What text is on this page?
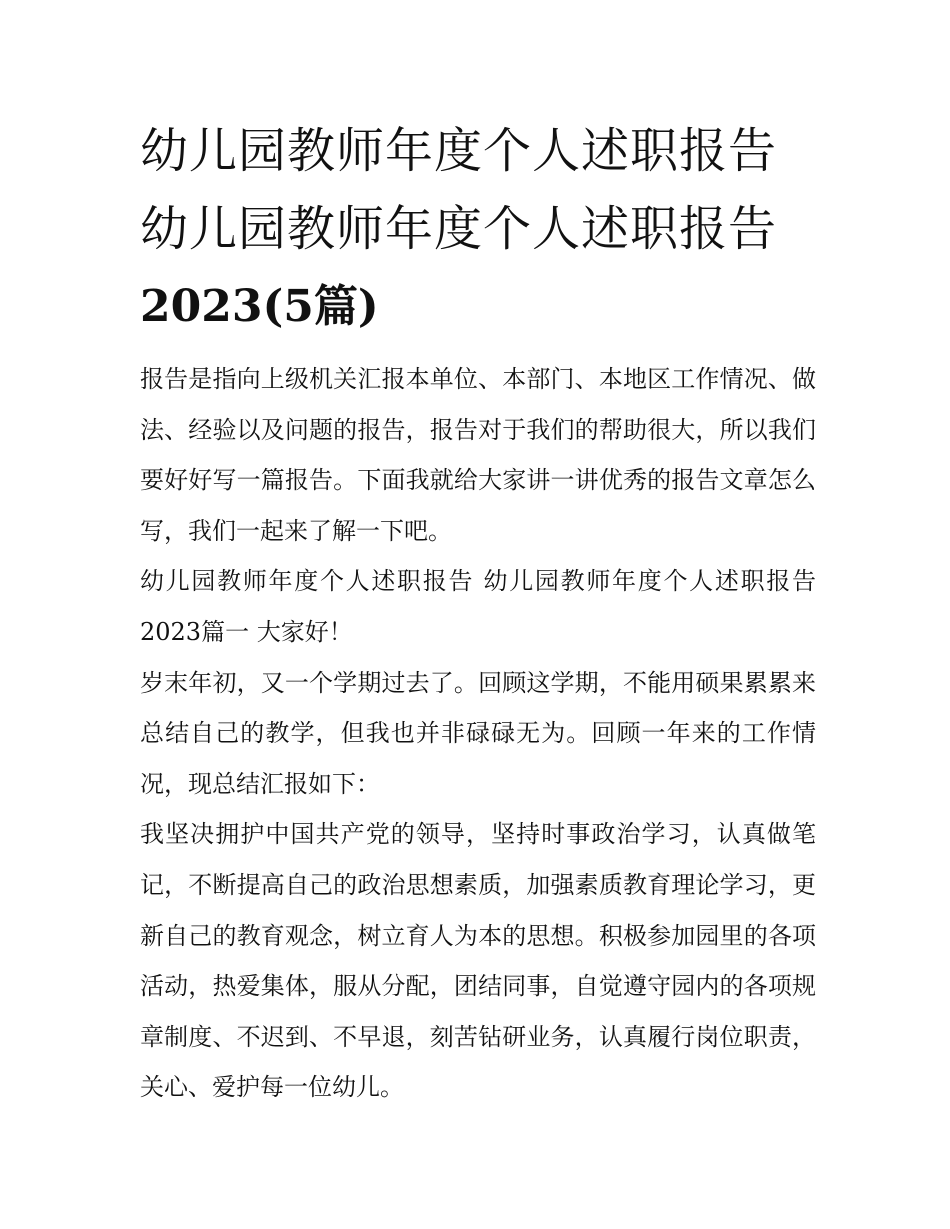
幼儿园教师年度个人述职报告
幼儿园教师年度个人述职报告
2023(5篇)

报告是指向上级机关汇报本单位、本部门、本地区工作情况、做法、经验以及问题的报告，报告对于我们的帮助很大，所以我们要好好写一篇报告。下面我就给大家讲一讲优秀的报告文章怎么写，我们一起来了解一下吧。

幼儿园教师年度个人述职报告 幼儿园教师年度个人述职报告2023篇一 大家好！

岁末年初，又一个学期过去了。回顾这学期，不能用硕果累累来总结自己的教学，但我也并非碌碌无为。回顾一年来的工作情况，现总结汇报如下：

我坚决拥护中国共产党的领导，坚持时事政治学习，认真做笔记，不断提高自己的政治思想素质，加强素质教育理论学习，更新自己的教育观念，树立育人为本的思想。积极参加园里的各项活动，热爱集体，服从分配，团结同事，自觉遵守园内的各项规章制度、不迟到、不早退，刻苦钻研业务，认真履行岗位职责，关心、爱护每一位幼儿。
